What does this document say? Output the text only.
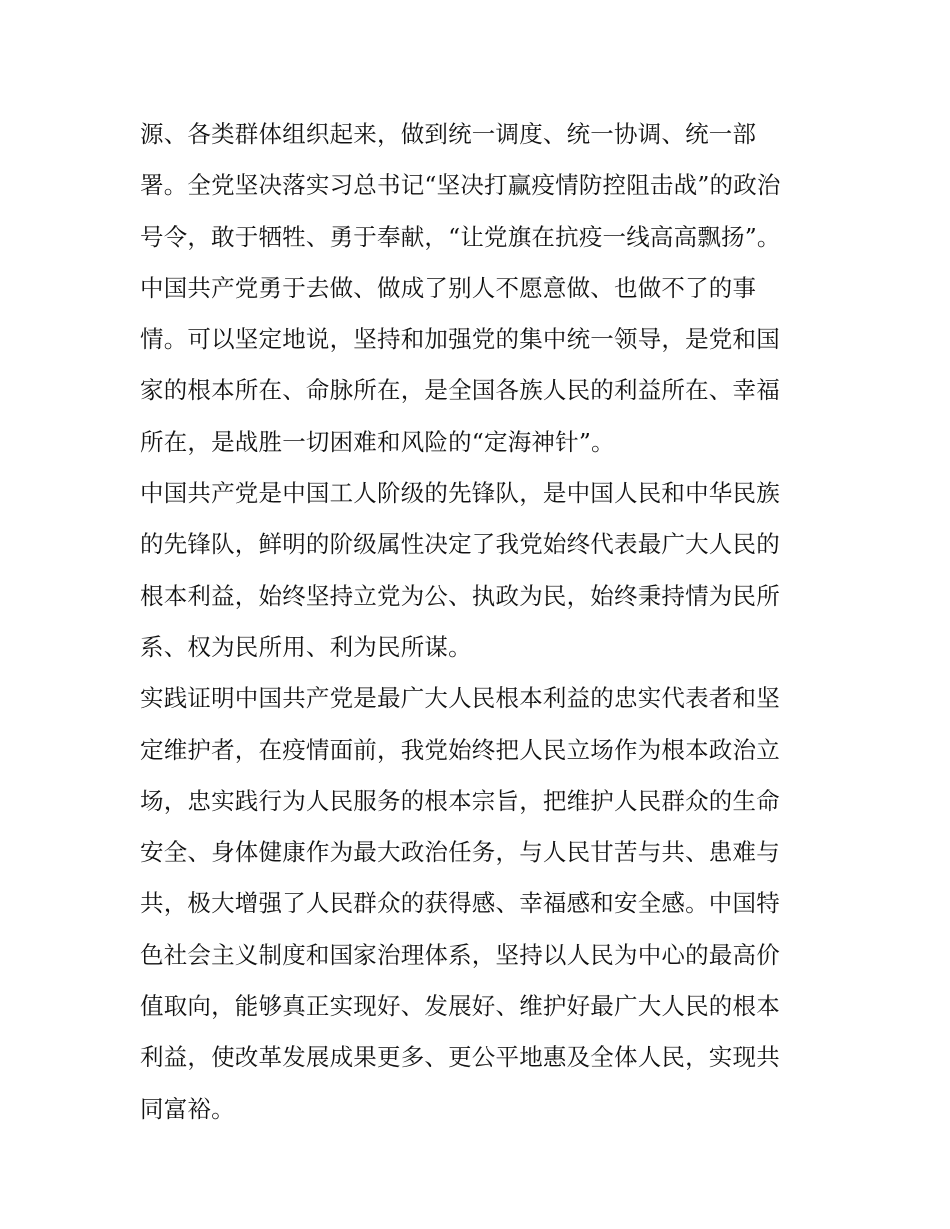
源、各类群体组织起来，做到统一调度、统一协调、统一部
署。全党坚决落实习总书记“坚决打赢疫情防控阻击战”的政治
号令，敢于牺牲、勇于奉献，“让党旗在抗疫一线高高飘扬”。
中国共产党勇于去做、做成了别人不愿意做、也做不了的事
情。可以坚定地说，坚持和加强党的集中统一领导，是党和国
家的根本所在、命脉所在，是全国各族人民的利益所在、幸福
所在，是战胜一切困难和风险的“定海神针”。
中国共产党是中国工人阶级的先锋队，是中国人民和中华民族
的先锋队，鲜明的阶级属性决定了我党始终代表最广大人民的
根本利益，始终坚持立党为公、执政为民，始终秉持情为民所
系、权为民所用、利为民所谋。
实践证明中国共产党是最广大人民根本利益的忠实代表者和坚
定维护者，在疫情面前，我党始终把人民立场作为根本政治立
场，忠实践行为人民服务的根本宗旨，把维护人民群众的生命
安全、身体健康作为最大政治任务，与人民甘苦与共、患难与
共，极大增强了人民群众的获得感、幸福感和安全感。中国特
色社会主义制度和国家治理体系，坚持以人民为中心的最高价
值取向，能够真正实现好、发展好、维护好最广大人民的根本
利益，使改革发展成果更多、更公平地惠及全体人民，实现共
同富裕。
